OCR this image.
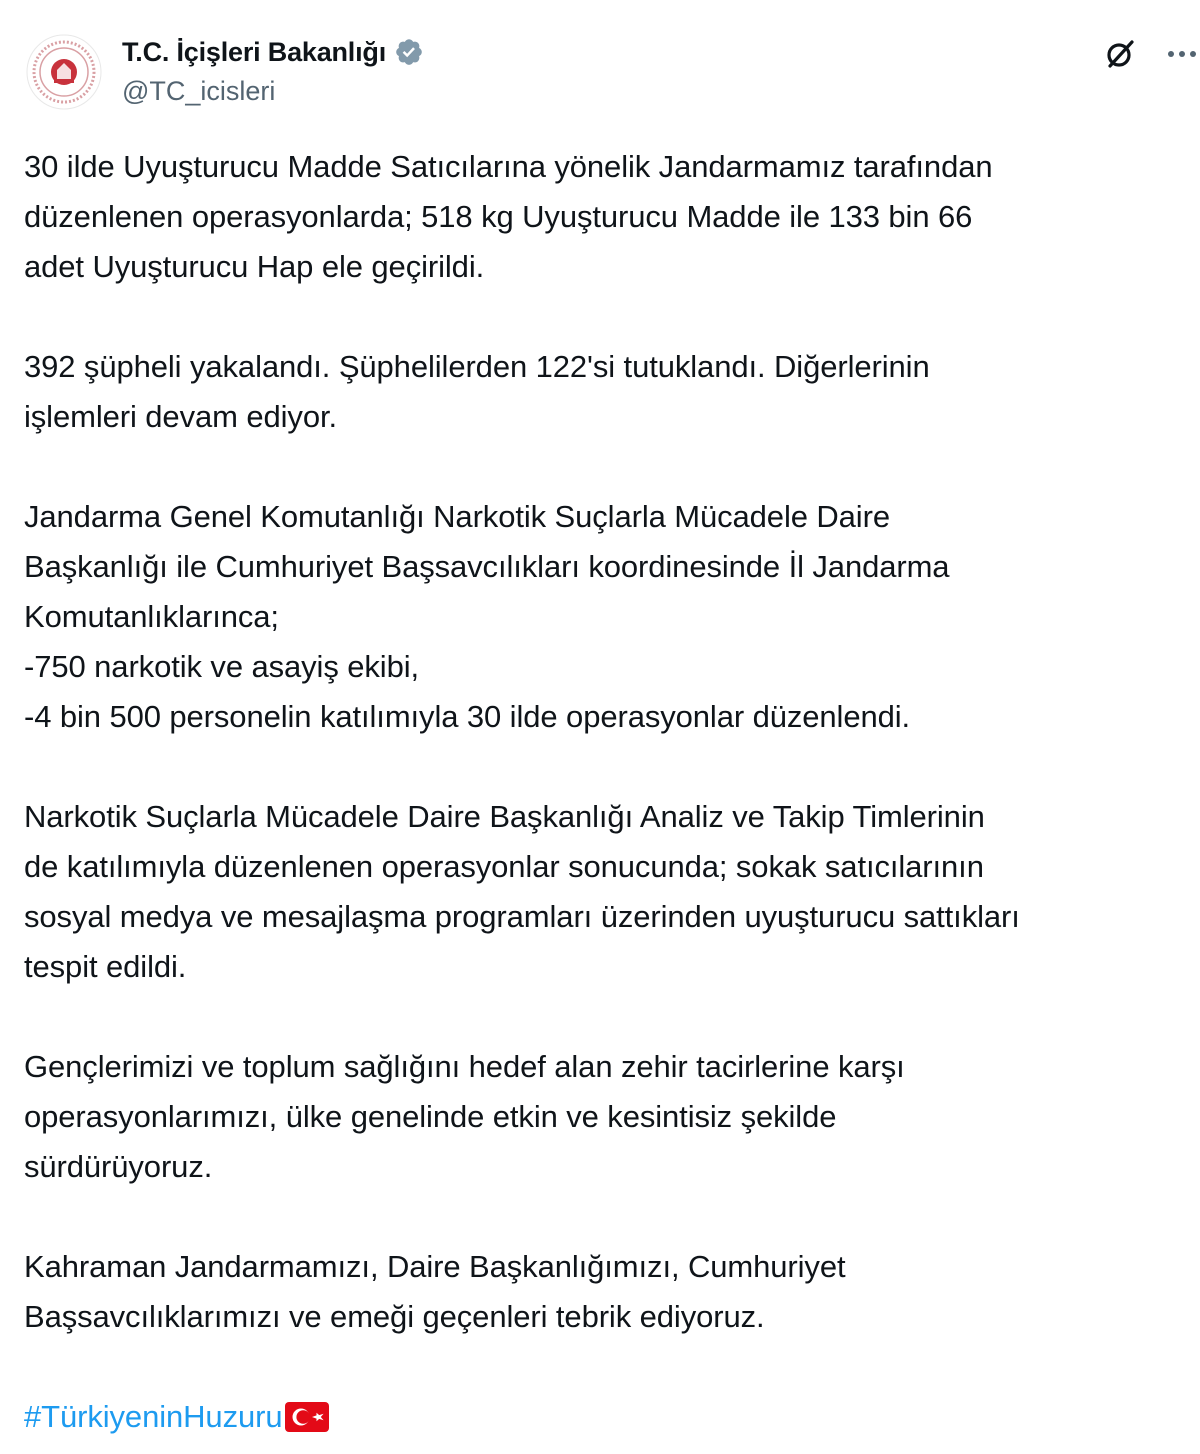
T.C. İçişleri Bakanlığı
@TC_icisleri
30 ilde Uyuşturucu Madde Satıcılarına yönelik Jandarmamız tarafından
düzenlenen operasyonlarda; 518 kg Uyuşturucu Madde ile 133 bin 66
adet Uyuşturucu Hap ele geçirildi.
392 şüpheli yakalandı. Şüphelilerden 122'si tutuklandı. Diğerlerinin
işlemleri devam ediyor.
Jandarma Genel Komutanlığı Narkotik Suçlarla Mücadele Daire
Başkanlığı ile Cumhuriyet Başsavcılıkları koordinesinde İl Jandarma
Komutanlıklarınca;
-750 narkotik ve asayiş ekibi,
-4 bin 500 personelin katılımıyla 30 ilde operasyonlar düzenlendi.
Narkotik Suçlarla Mücadele Daire Başkanlığı Analiz ve Takip Timlerinin
de katılımıyla düzenlenen operasyonlar sonucunda; sokak satıcılarının
sosyal medya ve mesajlaşma programları üzerinden uyuşturucu sattıkları
tespit edildi.
Gençlerimizi ve toplum sağlığını hedef alan zehir tacirlerine karşı
operasyonlarımızı, ülke genelinde etkin ve kesintisiz şekilde
sürdürüyoruz.
Kahraman Jandarmamızı, Daire Başkanlığımızı, Cumhuriyet
Başsavcılıklarımızı ve emeği geçenleri tebrik ediyoruz.
#TürkiyeninHuzuru
